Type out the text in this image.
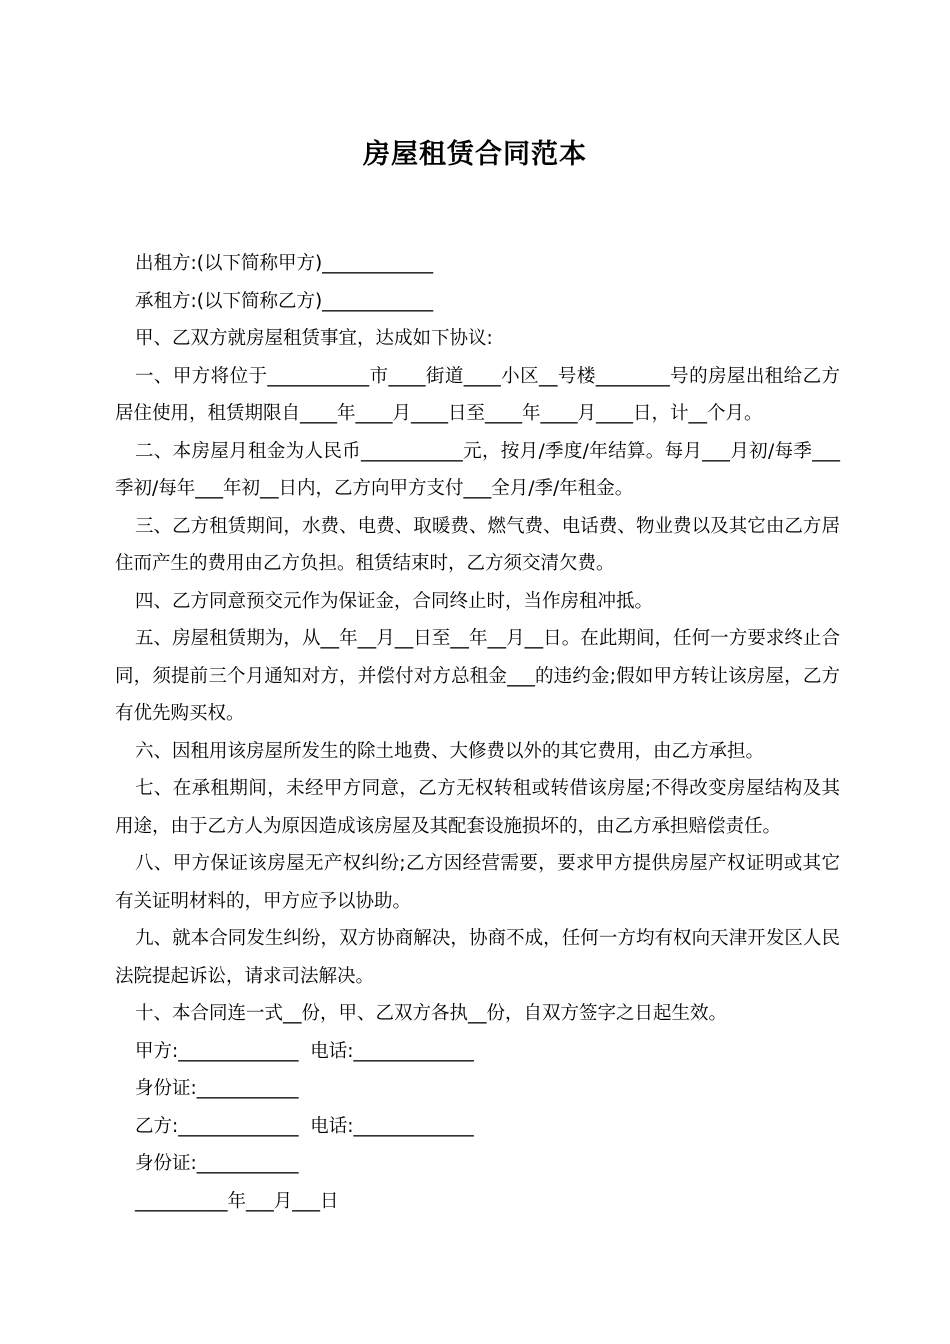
房屋租赁合同范本

出租方:(以下简称甲方)____________

承租方:(以下简称乙方)____________

甲、乙双方就房屋租赁事宜，达成如下协议:

一、甲方将位于___________市____街道____小区__号楼________号的房屋出租给乙方居住使用，租赁期限自____年____月____日至____年____月____日，计__个月。

二、本房屋月租金为人民币___________元，按月/季度/年结算。每月___月初/每季___季初/每年___年初__日内，乙方向甲方支付___全月/季/年租金。

三、乙方租赁期间，水费、电费、取暖费、燃气费、电话费、物业费以及其它由乙方居住而产生的费用由乙方负担。租赁结束时，乙方须交清欠费。

四、乙方同意预交元作为保证金，合同终止时，当作房租冲抵。

五、房屋租赁期为，从__年__月__日至__年__月__日。在此期间，任何一方要求终止合同，须提前三个月通知对方，并偿付对方总租金___的违约金;假如甲方转让该房屋，乙方有优先购买权。

六、因租用该房屋所发生的除土地费、大修费以外的其它费用，由乙方承担。

七、在承租期间，未经甲方同意，乙方无权转租或转借该房屋;不得改变房屋结构及其用途，由于乙方人为原因造成该房屋及其配套设施损坏的，由乙方承担赔偿责任。

八、甲方保证该房屋无产权纠纷;乙方因经营需要，要求甲方提供房屋产权证明或其它有关证明材料的，甲方应予以协助。

九、就本合同发生纠纷，双方协商解决，协商不成，任何一方均有权向天津开发区人民法院提起诉讼，请求司法解决。

十、本合同连一式__份，甲、乙双方各执__份，自双方签字之日起生效。

甲方:_____________  电话:_____________

身份证:___________

乙方:_____________  电话:_____________

身份证:___________

__________年___月___日
